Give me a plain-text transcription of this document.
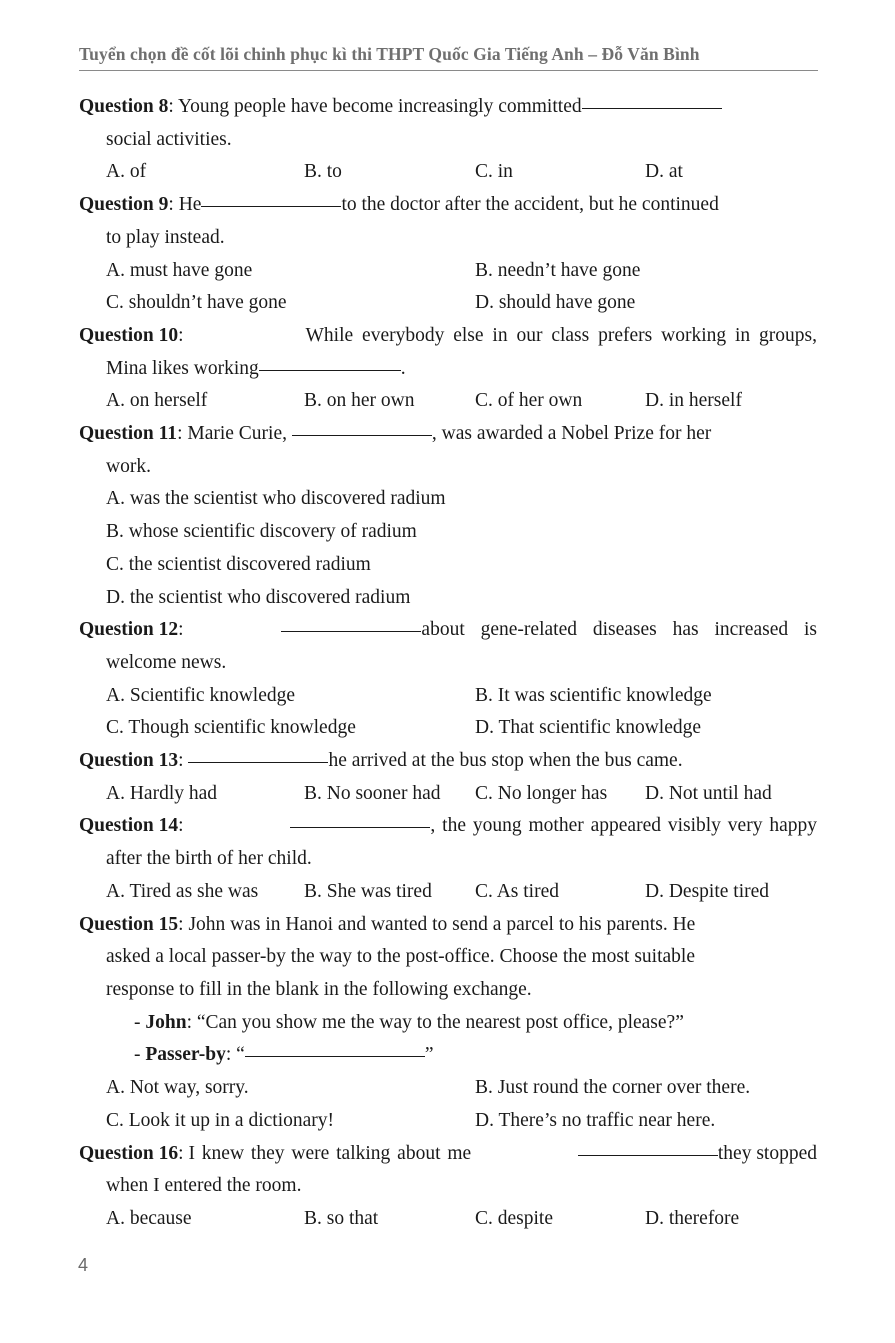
Tuyển chọn đề cốt lõi chinh phục kì thi THPT Quốc Gia Tiếng Anh – Đỗ Văn Bình
Question 8: Young people have become increasingly committed
social activities.
A. of	B. to	C. in	D. at
Question 9: He	to the doctor after the accident, but he continued
to play instead.
A. must have gone	B. needn’t have gone
C. shouldn’t have gone	D. should have gone
Question 10:	While everybody else in our class prefers working in groups,
Mina likes working	.
A. on herself	B. on her own	C. of her own	D. in herself
Question 11: Marie Curie,	, was awarded a Nobel Prize for her
work.
A. was the scientist who discovered radium
B. whose scientific discovery of radium
C. the scientist discovered radium
D. the scientist who discovered radium
Question 12:	about gene-related diseases has increased is
welcome news.
A. Scientific knowledge	B. It was scientific knowledge
C. Though scientific knowledge	D. That scientific knowledge
Question 13:	he arrived at the bus stop when the bus came.
A. Hardly had	B. No sooner had	C. No longer has	D. Not until had
Question 14:	, the young mother appeared visibly very happy
after the birth of her child.
A. Tired as she was	B. She was tired	C. As tired	D. Despite tired
Question 15: John was in Hanoi and wanted to send a parcel to his parents. He
asked a local passer-by the way to the post-office. Choose the most suitable
response to fill in the blank in the following exchange.
- John: “Can you show me the way to the nearest post office, please?”
- Passer-by: “	”
A. Not way, sorry.	B. Just round the corner over there.
C. Look it up in a dictionary!	D. There’s no traffic near here.
Question 16: I knew they were talking about me	they stopped
when I entered the room.
A. because	B. so that	C. despite	D. therefore
4
